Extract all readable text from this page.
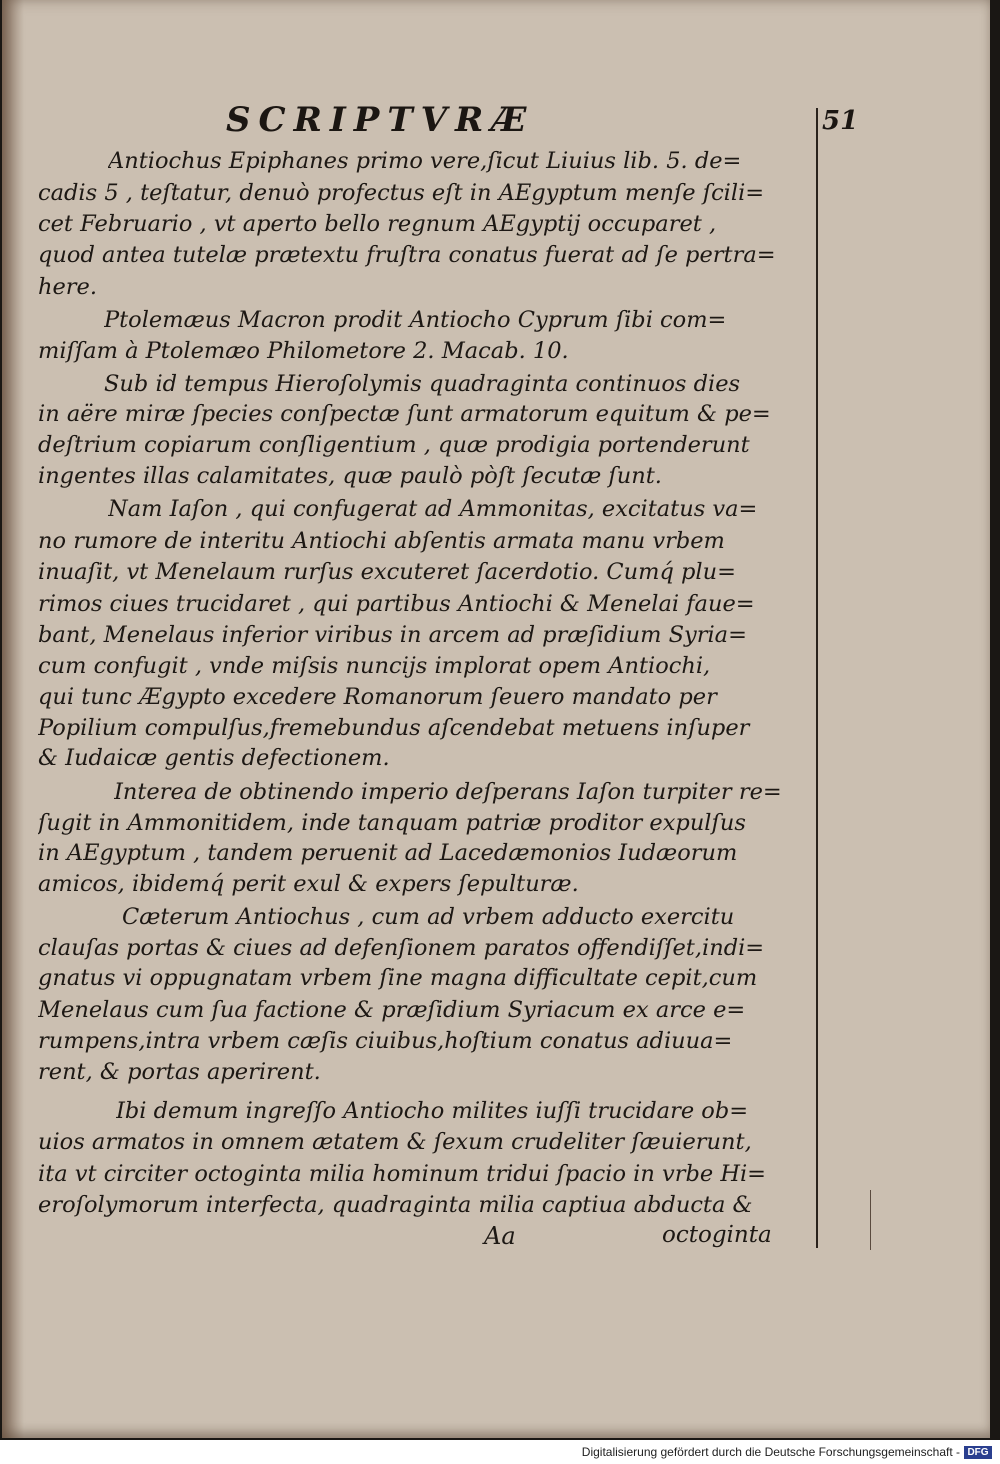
SCRIPTVRÆ	51
Antiochus Epiphanes primo vere,ſicut Liuius lib. 5. de=
cadis 5 , teſtatur, denuò profectus eſt in AEgyptum menſe ſcili=
cet Februario , vt aperto bello regnum AEgyptij occuparet ,
quod antea tutelæ prætextu fruſtra conatus fuerat ad ſe pertra=
here.
Ptolemæus Macron prodit Antiocho Cyprum ſibi com=
miſſam à Ptolemæo Philometore 2. Macab. 10.
Sub id tempus Hieroſolymis quadraginta continuos dies
in aëre miræ ſpecies conſpectæ ſunt armatorum equitum & pe=
deſtrium copiarum conſligentium , quæ prodigia portenderunt
ingentes illas calamitates, quæ paulò pòſt ſecutæ ſunt.
Nam Iaſon , qui confugerat ad Ammonitas, excitatus va=
no rumore de interitu Antiochi abſentis armata manu vrbem
inuaſit, vt Menelaum rurſus excuteret ſacerdotio. Cumq́ plu=
rimos ciues trucidaret , qui partibus Antiochi & Menelai faue=
bant, Menelaus inferior viribus in arcem ad præſidium Syria=
cum confugit , vnde miſsis nuncijs implorat opem Antiochi,
qui tunc Ægypto excedere Romanorum ſeuero mandato per
Popilium compulſus,fremebundus aſcendebat metuens inſuper
& Iudaicæ gentis defectionem.
Interea de obtinendo imperio deſperans Iaſon turpiter re=
ſugit in Ammonitidem, inde tanquam patriæ proditor expulſus
in AEgyptum , tandem peruenit ad Lacedæmonios Iudæorum
amicos, ibidemq́ perit exul & expers ſepulturæ.
Cæterum Antiochus , cum ad vrbem adducto exercitu
clauſas portas & ciues ad defenſionem paratos offendiſſet,indi=
gnatus vi oppugnatam vrbem ſine magna difficultate cepit,cum
Menelaus cum ſua factione & præſidium Syriacum ex arce e=
rumpens,intra vrbem cæſis ciuibus,hoſtium conatus adiuua=
rent, & portas aperirent.
Ibi demum ingreſſo Antiocho milites iuſſi trucidare ob=
uios armatos in omnem ætatem & ſexum crudeliter ſæuierunt,
ita vt circiter octoginta milia hominum tridui ſpacio in vrbe Hi=
eroſolymorum interfecta, quadraginta milia captiua abducta &
Aa	octoginta
Digitalisierung gefördert durch die Deutsche Forschungsgemeinschaft - DFG
